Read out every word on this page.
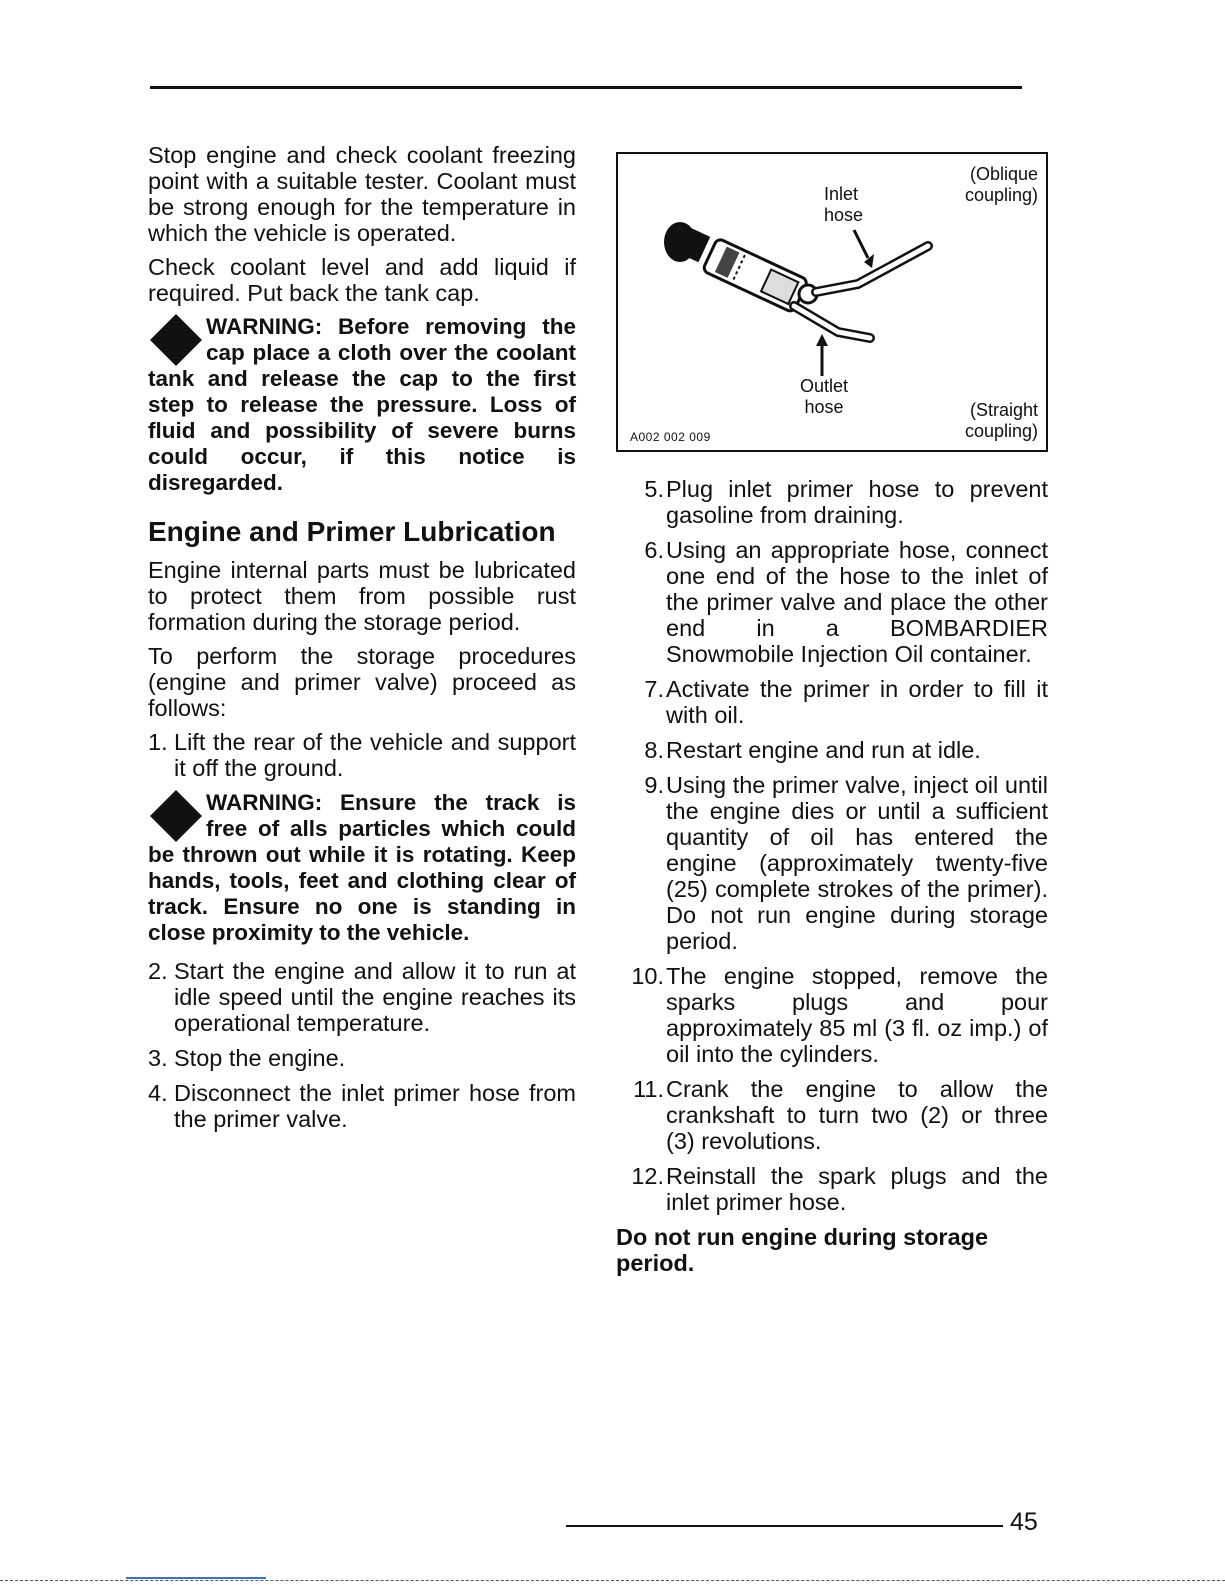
Stop engine and check coolant freezing point with a suitable tester. Coolant must be strong enough for the temperature in which the vehicle is operated.

Check coolant level and add liquid if required. Put back the tank cap.

WARNING: Before removing the cap place a cloth over the coolant tank and release the cap to the first step to release the pressure. Loss of fluid and possibility of severe burns could occur, if this notice is disregarded.
Engine and Primer Lubrication

Engine internal parts must be lubricated to protect them from possible rust formation during the storage period.

To perform the storage procedures (engine and primer valve) proceed as follows:

1. Lift the rear of the vehicle and support it off the ground.
WARNING: Ensure the track is free of alls particles which could be thrown out while it is rotating. Keep hands, tools, feet and clothing clear of track. Ensure no one is standing in close proximity to the vehicle.
2. Start the engine and allow it to run at idle speed until the engine reaches its operational temperature.
3. Stop the engine.
4. Disconnect the inlet primer hose from the primer valve.
(Oblique coupling)
Inlet hose
Outlet hose	(Straight coupling)
A002 002 009
5. Plug inlet primer hose to prevent gasoline from draining.
6. Using an appropriate hose, connect one end of the hose to the inlet of the primer valve and place the other end in a BOMBARDIER Snowmobile Injection Oil container.
7. Activate the primer in order to fill it with oil.
8. Restart engine and run at idle.
9. Using the primer valve, inject oil until the engine dies or until a sufficient quantity of oil has entered the engine (approximately twenty-five (25) complete strokes of the primer). Do not run engine during storage period.
10. The engine stopped, remove the sparks plugs and pour approximately 85 ml (3 fl. oz imp.) of oil into the cylinders.
11. Crank the engine to allow the crankshaft to turn two (2) or three (3) revolutions.
12. Reinstall the spark plugs and the inlet primer hose.
Do not run engine during storage period.
45
